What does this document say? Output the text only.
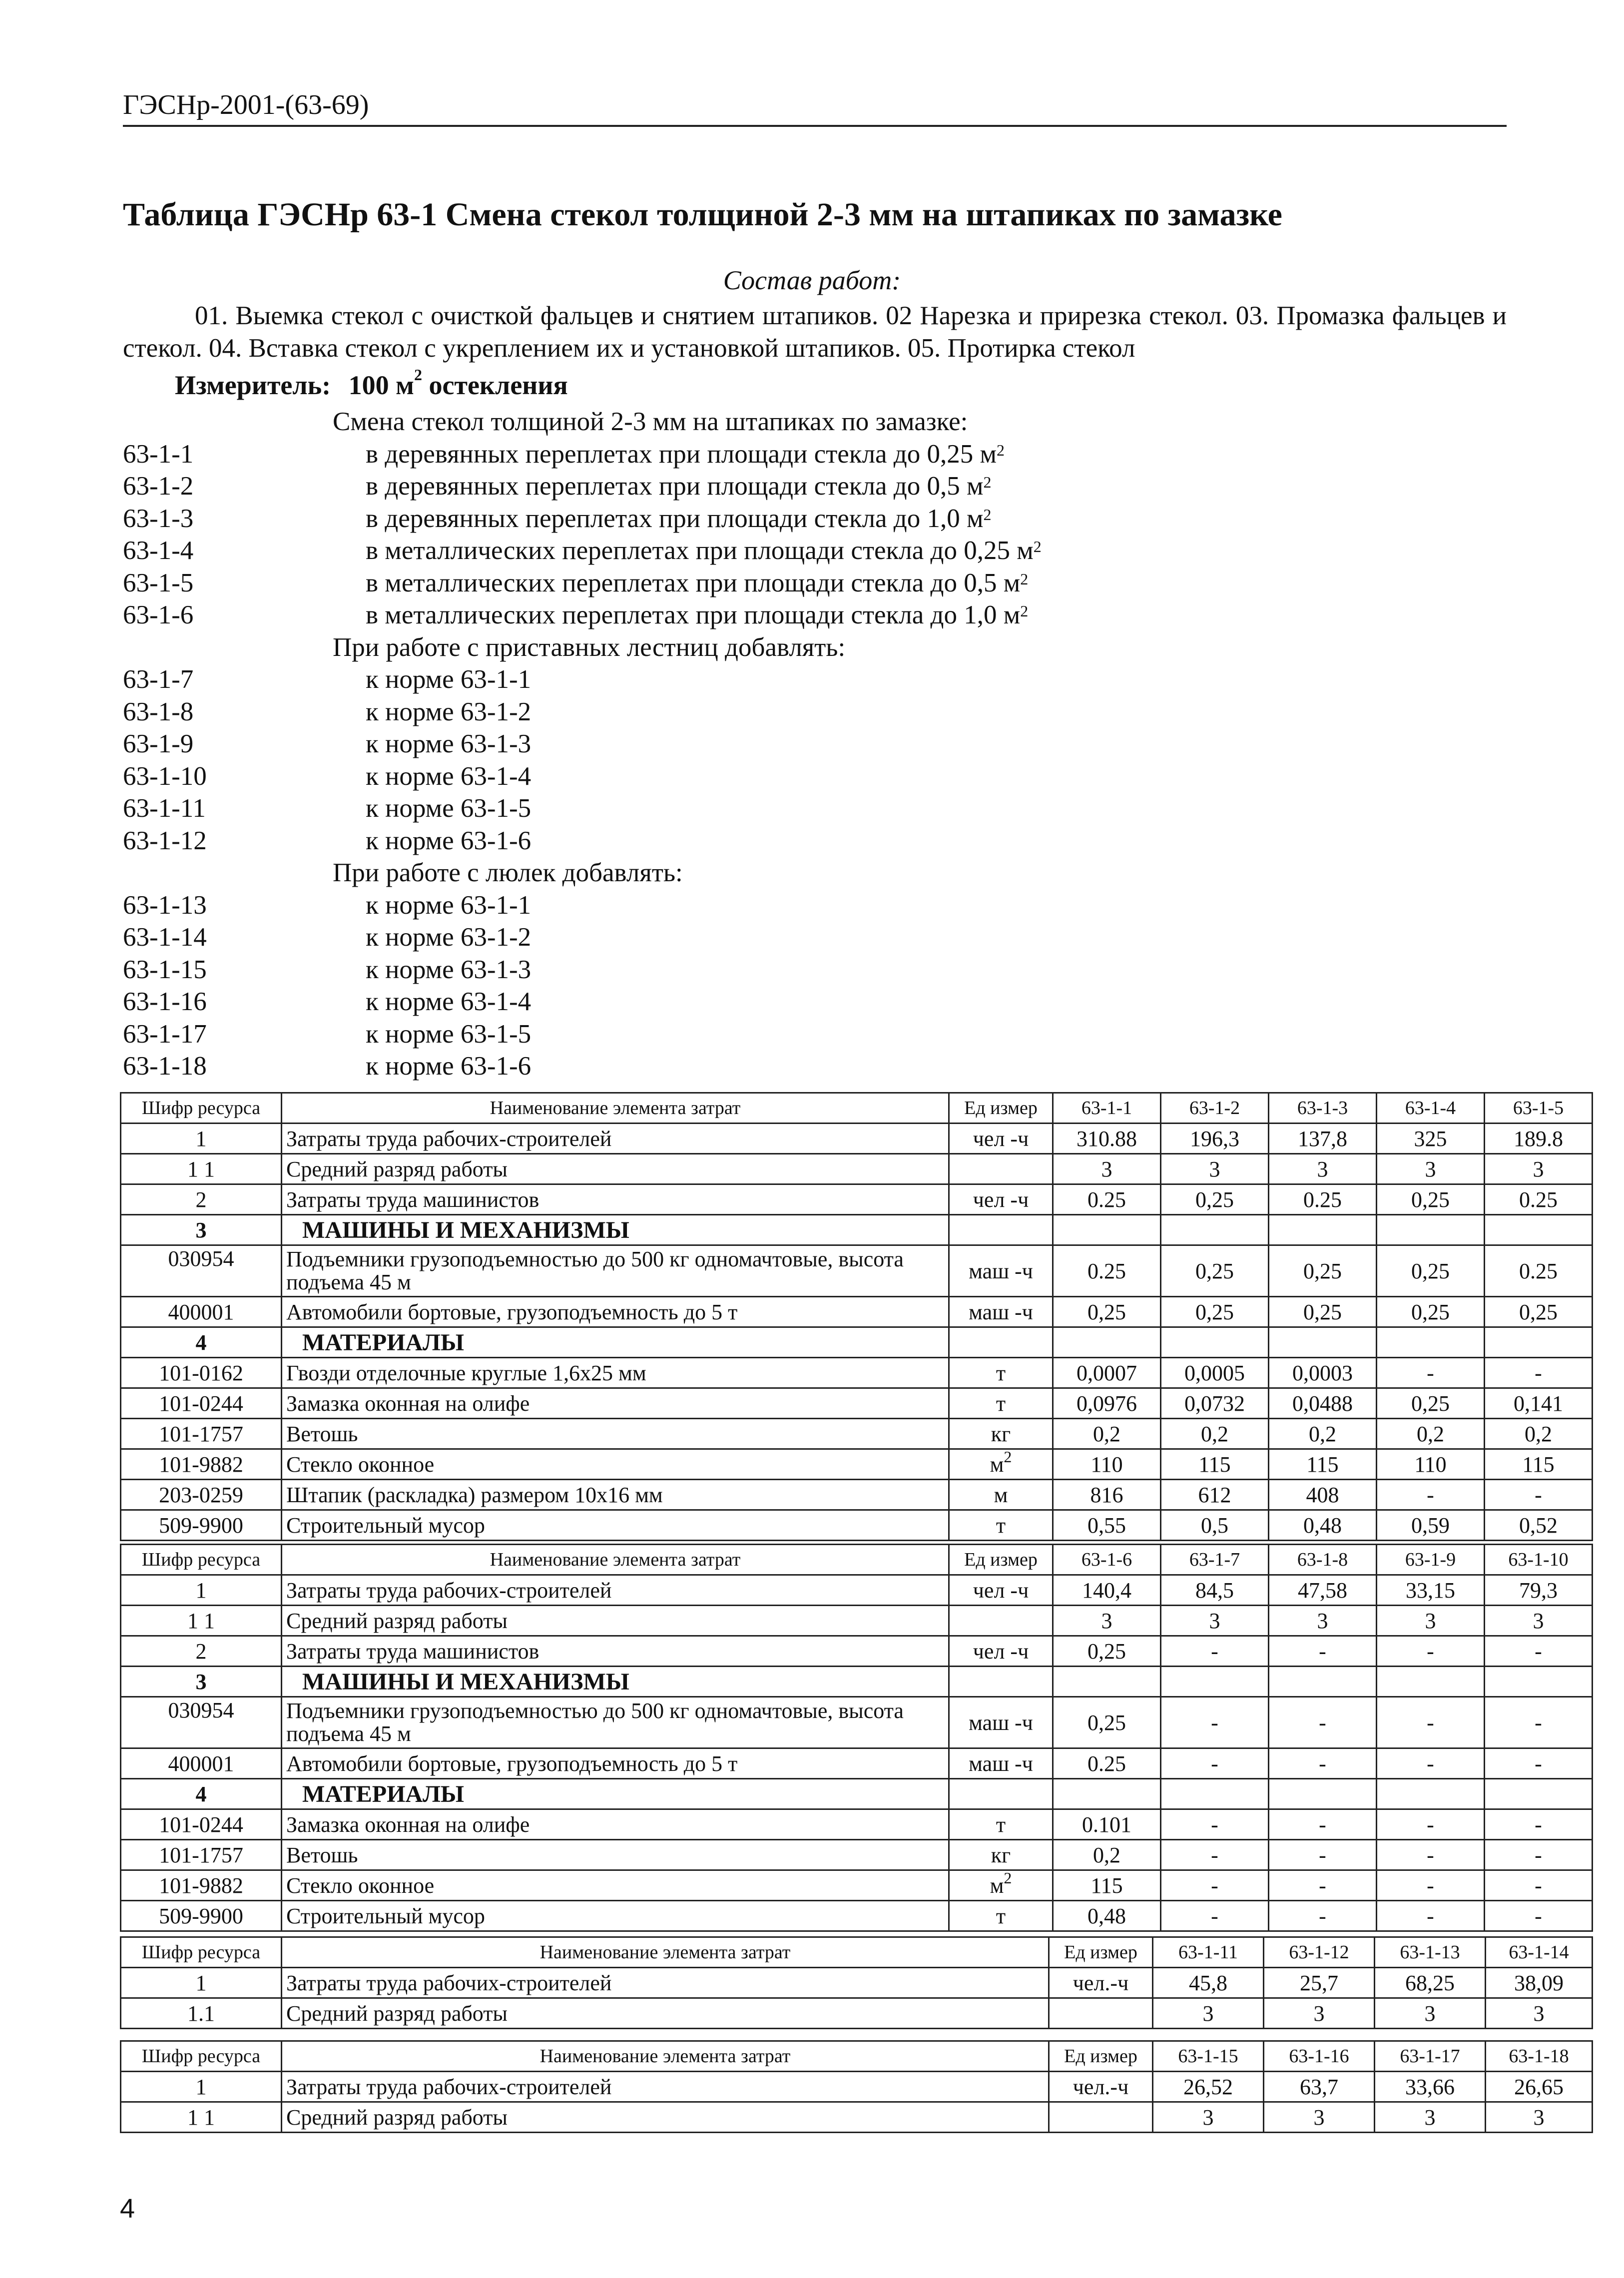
ГЭСНр-2001-(63-69)
Таблица ГЭСНр 63-1 Смена стекол толщиной 2-3 мм на штапиках по замазке
Состав работ:
01. Выемка стекол с очисткой фальцев и снятием штапиков. 02 Нарезка и прирезка стекол. 03. Промазка фальцев и стекол. 04. Вставка стекол с укреплением их и установкой штапиков. 05. Протирка стекол
Измеритель: 100 $м^2$ остекления
Смена стекол толщиной 2-3 мм на штапиках по замазке:
63-1-1	в деревянных переплетах при площади стекла до 0,25 $м^2$
63-1-2	в деревянных переплетах при площади стекла до 0,5 $м^2$
63-1-3	в деревянных переплетах при площади стекла до 1,0 $м^2$
63-1-4	в металлических переплетах при площади стекла до 0,25 $м^2$
63-1-5	в металлических переплетах при площади стекла до 0,5 $м^2$
63-1-6	в металлических переплетах при площади стекла до 1,0 $м^2$
При работе с приставных лестниц добавлять:
63-1-7	к норме 63-1-1
63-1-8	к норме 63-1-2
63-1-9	к норме 63-1-3
63-1-10	к норме 63-1-4
63-1-11	к норме 63-1-5
63-1-12	к норме 63-1-6
При работе с люлек добавлять:
63-1-13	к норме 63-1-1
63-1-14	к норме 63-1-2
63-1-15	к норме 63-1-3
63-1-16	к норме 63-1-4
63-1-17	к норме 63-1-5
63-1-18	к норме 63-1-6
Шифр ресурса	Наименование элемента затрат	Ед измер	63-1-1	63-1-2	63-1-3	63-1-4	63-1-5
1	Затраты труда рабочих-строителей	чел -ч	310.88	196,3	137,8	325	189.8
1 1	Средний разряд работы		3	3	3	3	3
2	Затраты труда машинистов	чел -ч	0.25	0,25	0.25	0,25	0.25
3	МАШИНЫ И МЕХАНИЗМЫ						
030954	Подъемники грузоподъемностью до 500 кг одномачтовые, высота подъема 45 м	маш -ч	0.25	0,25	0,25	0,25	0.25
400001	Автомобили бортовые, грузоподъемность до 5 т	маш -ч	0,25	0,25	0,25	0,25	0,25
4	МАТЕРИАЛЫ						
101-0162	Гвозди отделочные круглые 1,6х25 мм	т	0,0007	0,0005	0,0003	-	-
101-0244	Замазка оконная на олифе	т	0,0976	0,0732	0,0488	0,25	0,141
101-1757	Ветошь	кг	0,2	0,2	0,2	0,2	0,2
101-9882	Стекло оконное	$м^2$	110	115	115	110	115
203-0259	Штапик (раскладка) размером 10х16 мм	м	816	612	408	-	-
509-9900	Строительный мусор	т	0,55	0,5	0,48	0,59	0,52
Шифр ресурса	Наименование элемента затрат	Ед измер	63-1-6	63-1-7	63-1-8	63-1-9	63-1-10
1	Затраты труда рабочих-строителей	чел -ч	140,4	84,5	47,58	33,15	79,3
1 1	Средний разряд работы		3	3	3	3	3
2	Затраты труда машинистов	чел -ч	0,25	-	-	-	-
3	МАШИНЫ И МЕХАНИЗМЫ						
030954	Подъемники грузоподъемностью до 500 кг одномачтовые, высота подъема 45 м	маш -ч	0,25	-	-	-	-
400001	Автомобили бортовые, грузоподъемность до 5 т	маш -ч	0.25	-	-	-	-
4	МАТЕРИАЛЫ						
101-0244	Замазка оконная на олифе	т	0.101	-	-	-	-
101-1757	Ветошь	кг	0,2	-	-	-	-
101-9882	Стекло оконное	$м^2$	115	-	-	-	-
509-9900	Строительный мусор	т	0,48	-	-	-	-
Шифр ресурса	Наименование элемента затрат	Ед измер	63-1-11	63-1-12	63-1-13	63-1-14
1	Затраты труда рабочих-строителей	чел.-ч	45,8	25,7	68,25	38,09
1.1	Средний разряд работы		3	3	3	3
Шифр ресурса	Наименование элемента затрат	Ед измер	63-1-15	63-1-16	63-1-17	63-1-18
1	Затраты труда рабочих-строителей	чел.-ч	26,52	63,7	33,66	26,65
1 1	Средний разряд работы		3	3	3	3
4
